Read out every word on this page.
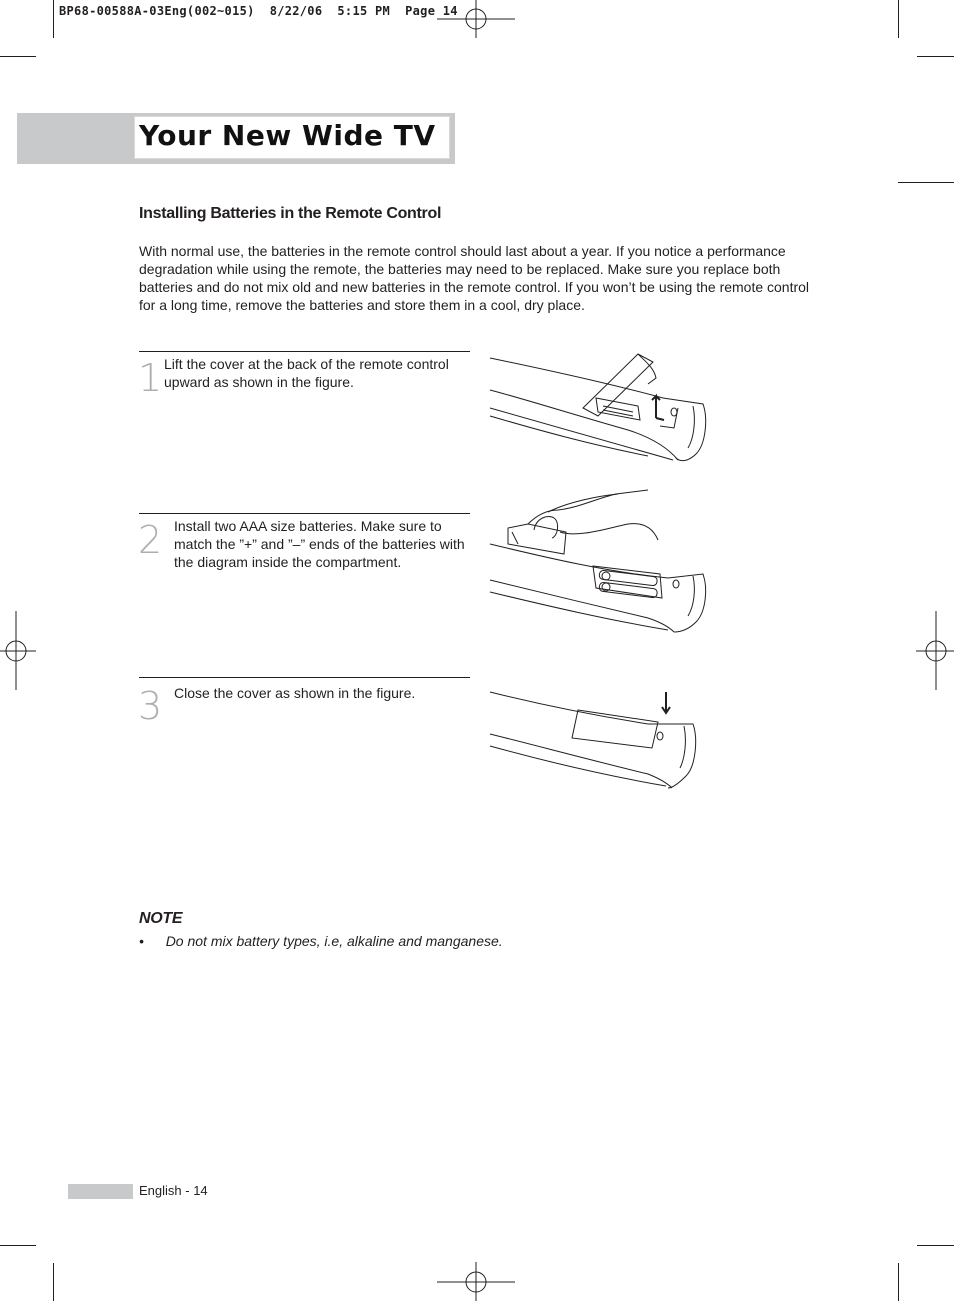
BP68-00588A-03Eng(002~015)  8/22/06  5:15 PM  Page 14
Your New Wide TV
Installing Batteries in the Remote Control
With normal use, the batteries in the remote control should last about a year. If you notice a performance degradation while using the remote, the batteries may need to be replaced. Make sure you replace both batteries and do not mix old and new batteries in the remote control. If you won’t be using the remote control for a long time, remove the batteries and store them in a cool, dry place.
1 Lift the cover at the back of the remote control upward as shown in the figure.
2 Install two AAA size batteries. Make sure to match the ”+” and ”–” ends of the batteries with the diagram inside the compartment.
3 Close the cover as shown in the figure.
NOTE
• Do not mix battery types, i.e, alkaline and manganese.
English - 14
